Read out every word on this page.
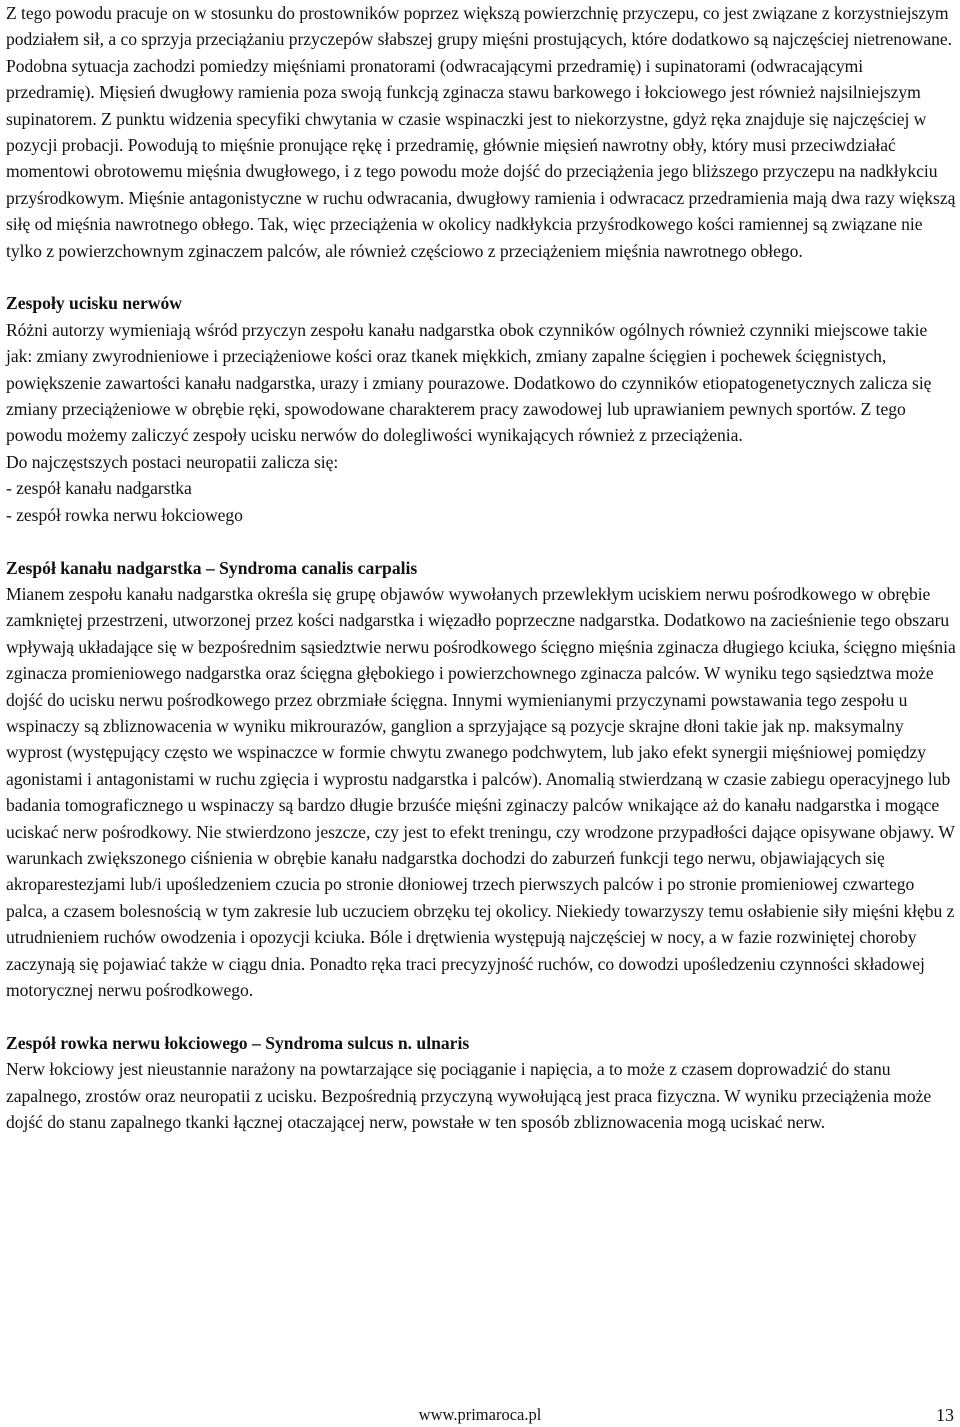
Z tego powodu pracuje on w stosunku do prostowników poprzez większą powierzchnię przyczepu, co jest związane z korzystniejszym podziałem sił, a co sprzyja przeciążaniu przyczepów słabszej grupy mięśni prostujących, które dodatkowo są najczęściej nietrenowane.

Podobna sytuacja zachodzi pomiedzy mięśniami pronatorami (odwracającymi przedramię) i supinatorami (odwracającymi przedramię). Mięsień dwugłowy ramienia poza swoją funkcją zginacza stawu barkowego i łokciowego jest również najsilniejszym supinatorem. Z punktu widzenia specyfiki chwytania w czasie wspinaczki jest to niekorzystne, gdyż ręka znajduje się najczęściej w pozycji probacji. Powodują to mięśnie pronujące rękę i przedramię, głównie mięsień nawrotny obły, który musi przeciwdziałać momentowi obrotowemu mięśnia dwugłowego, i z tego powodu może dojść do przeciążenia jego bliższego przyczepu na nadkłykciu przyśrodkowym. Mięśnie antagonistyczne w ruchu odwracania, dwugłowy ramienia i odwracacz przedramienia mają dwa razy większą siłę od mięśnia nawrotnego obłego. Tak, więc przeciążenia w okolicy nadkłykcia przyśrodkowego kości ramiennej są związane nie tylko z powierzchownym zginaczem palców, ale również częściowo z przeciążeniem mięśnia nawrotnego obłego.

Zespoły ucisku nerwów

Różni autorzy wymieniają wśród przyczyn zespołu kanału nadgarstka obok czynników ogólnych również czynniki miejscowe takie jak: zmiany zwyrodnieniowe i przeciążeniowe kości oraz tkanek miękkich, zmiany zapalne ścięgien i pochewek ścięgnistych, powiększenie zawartości kanału nadgarstka, urazy i zmiany pourazowe. Dodatkowo do czynników etiopatogenetycznych zalicza się zmiany przeciążeniowe w obrębie ręki, spowodowane charakterem pracy zawodowej lub uprawianiem pewnych sportów. Z tego powodu możemy zaliczyć zespoły ucisku nerwów do dolegliwości wynikających również z przeciążenia.

Do najczęstszych postaci neuropatii zalicza się:

- zespół kanału nadgarstka

- zespół rowka nerwu łokciowego

Zespół kanału nadgarstka – Syndroma canalis carpalis

Mianem zespołu kanału nadgarstka określa się grupę objawów wywołanych przewlekłym uciskiem nerwu pośrodkowego w obrębie zamkniętej przestrzeni, utworzonej przez kości nadgarstka i więzadło poprzeczne nadgarstka. Dodatkowo na zacieśnienie tego obszaru wpływają układające się w bezpośrednim sąsiedztwie nerwu pośrodkowego ścięgno mięśnia zginacza długiego kciuka, ścięgno mięśnia zginacza promieniowego nadgarstka oraz ścięgna głębokiego i powierzchownego zginacza palców. W wyniku tego sąsiedztwa może dojść do ucisku nerwu pośrodkowego przez obrzmiałe ścięgna. Innymi wymienianymi przyczynami powstawania tego zespołu u wspinaczy są zbliznowacenia w wyniku mikrourazów, ganglion a sprzyjające są pozycje skrajne dłoni takie jak np. maksymalny wyprost (występujący często we wspinaczce w formie chwytu zwanego podchwytem, lub jako efekt synergii mięśniowej pomiędzy agonistami i antagonistami w ruchu zgięcia i wyprostu nadgarstka i palców). Anomalią stwierdzaną w czasie zabiegu operacyjnego lub badania tomograficznego u wspinaczy są bardzo długie brzuśće mięśni zginaczy palców wnikające aż do kanału nadgarstka i mogące uciskać nerw pośrodkowy. Nie stwierdzono jeszcze, czy jest to efekt treningu, czy wrodzone przypadłości dające opisywane objawy. W warunkach zwiększonego ciśnienia w obrębie kanału nadgarstka dochodzi do zaburzeń funkcji tego nerwu, objawiających się akroparestezjami lub/i upośledzeniem czucia po stronie dłoniowej trzech pierwszych palców i po stronie promieniowej czwartego palca, a czasem bolesnością w tym zakresie lub uczuciem obrzęku tej okolicy. Niekiedy towarzyszy temu osłabienie siły mięśni kłębu z utrudnieniem ruchów owodzenia i opozycji kciuka. Bóle i drętwienia występują najczęściej w nocy, a w fazie rozwiniętej choroby zaczynają się pojawiać także w ciągu dnia. Ponadto ręka traci precyzyjność ruchów, co dowodzi upośledzeniu czynności składowej motorycznej nerwu pośrodkowego.

Zespół rowka nerwu łokciowego – Syndroma sulcus n. ulnaris

Nerw łokciowy jest nieustannie narażony na powtarzające się pociąganie i napięcia, a to może z czasem doprowadzić do stanu zapalnego, zrostów oraz neuropatii z ucisku. Bezpośrednią przyczyną wywołującą jest praca fizyczna. W wyniku przeciążenia może dojść do stanu zapalnego tkanki łącznej otaczającej nerw, powstałe w ten sposób zbliznowacenia mogą uciskać nerw.

www.primaroca.pl	13
